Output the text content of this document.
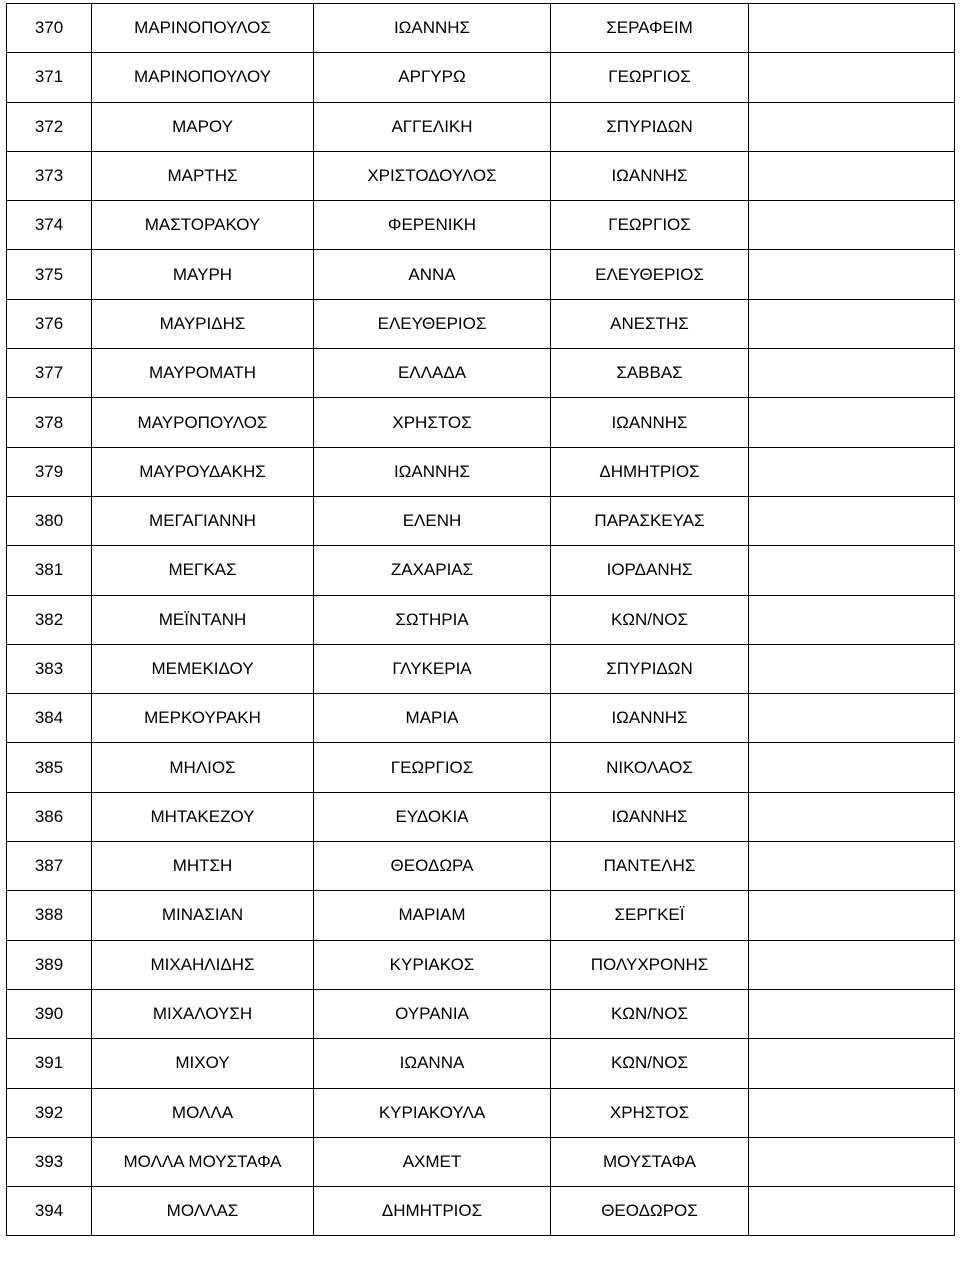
370	ΜΑΡΙΝΟΠΟΥΛΟΣ	ΙΩΑΝΝΗΣ	ΣΕΡΑΦΕΙΜ	
371	ΜΑΡΙΝΟΠΟΥΛΟΥ	ΑΡΓΥΡΩ	ΓΕΩΡΓΙΟΣ	
372	ΜΑΡΟΥ	ΑΓΓΕΛΙΚΗ	ΣΠΥΡΙΔΩΝ	
373	ΜΑΡΤΗΣ	ΧΡΙΣΤΟΔΟΥΛΟΣ	ΙΩΑΝΝΗΣ	
374	ΜΑΣΤΟΡΑΚΟΥ	ΦΕΡΕΝΙΚΗ	ΓΕΩΡΓΙΟΣ	
375	ΜΑΥΡΗ	ΑΝΝΑ	ΕΛΕΥΘΕΡΙΟΣ	
376	ΜΑΥΡΙΔΗΣ	ΕΛΕΥΘΕΡΙΟΣ	ΑΝΕΣΤΗΣ	
377	ΜΑΥΡΟΜΑΤΗ	ΕΛΛΑΔΑ	ΣΑΒΒΑΣ	
378	ΜΑΥΡΟΠΟΥΛΟΣ	ΧΡΗΣΤΟΣ	ΙΩΑΝΝΗΣ	
379	ΜΑΥΡΟΥΔΑΚΗΣ	ΙΩΑΝΝΗΣ	ΔΗΜΗΤΡΙΟΣ	
380	ΜΕΓΑΓΙΑΝΝΗ	ΕΛΕΝΗ	ΠΑΡΑΣΚΕΥΑΣ	
381	ΜΕΓΚΑΣ	ΖΑΧΑΡΙΑΣ	ΙΟΡΔΑΝΗΣ	
382	ΜΕΪΝΤΑΝΗ	ΣΩΤΗΡΙΑ	ΚΩΝ/ΝΟΣ	
383	ΜΕΜΕΚΙΔΟΥ	ΓΛΥΚΕΡΙΑ	ΣΠΥΡΙΔΩΝ	
384	ΜΕΡΚΟΥΡΑΚΗ	ΜΑΡΙΑ	ΙΩΑΝΝΗΣ	
385	ΜΗΛΙΟΣ	ΓΕΩΡΓΙΟΣ	ΝΙΚΟΛΑΟΣ	
386	ΜΗΤΑΚΕΖΟΥ	ΕΥΔΟΚΙΑ	ΙΩΑΝΝΗΣ	
387	ΜΗΤΣΗ	ΘΕΟΔΩΡΑ	ΠΑΝΤΕΛΗΣ	
388	ΜΙΝΑΣΙΑΝ	ΜΑΡΙΑΜ	ΣΕΡΓΚΕΪ	
389	ΜΙΧΑΗΛΙΔΗΣ	ΚΥΡΙΑΚΟΣ	ΠΟΛΥΧΡΟΝΗΣ	
390	ΜΙΧΑΛΟΥΣΗ	ΟΥΡΑΝΙΑ	ΚΩΝ/ΝΟΣ	
391	ΜΙΧΟΥ	ΙΩΑΝΝΑ	ΚΩΝ/ΝΟΣ	
392	ΜΟΛΛΑ	ΚΥΡΙΑΚΟΥΛΑ	ΧΡΗΣΤΟΣ	
393	ΜΟΛΛΑ ΜΟΥΣΤΑΦΑ	ΑΧΜΕΤ	ΜΟΥΣΤΑΦΑ	
394	ΜΟΛΛΑΣ	ΔΗΜΗΤΡΙΟΣ	ΘΕΟΔΩΡΟΣ	
